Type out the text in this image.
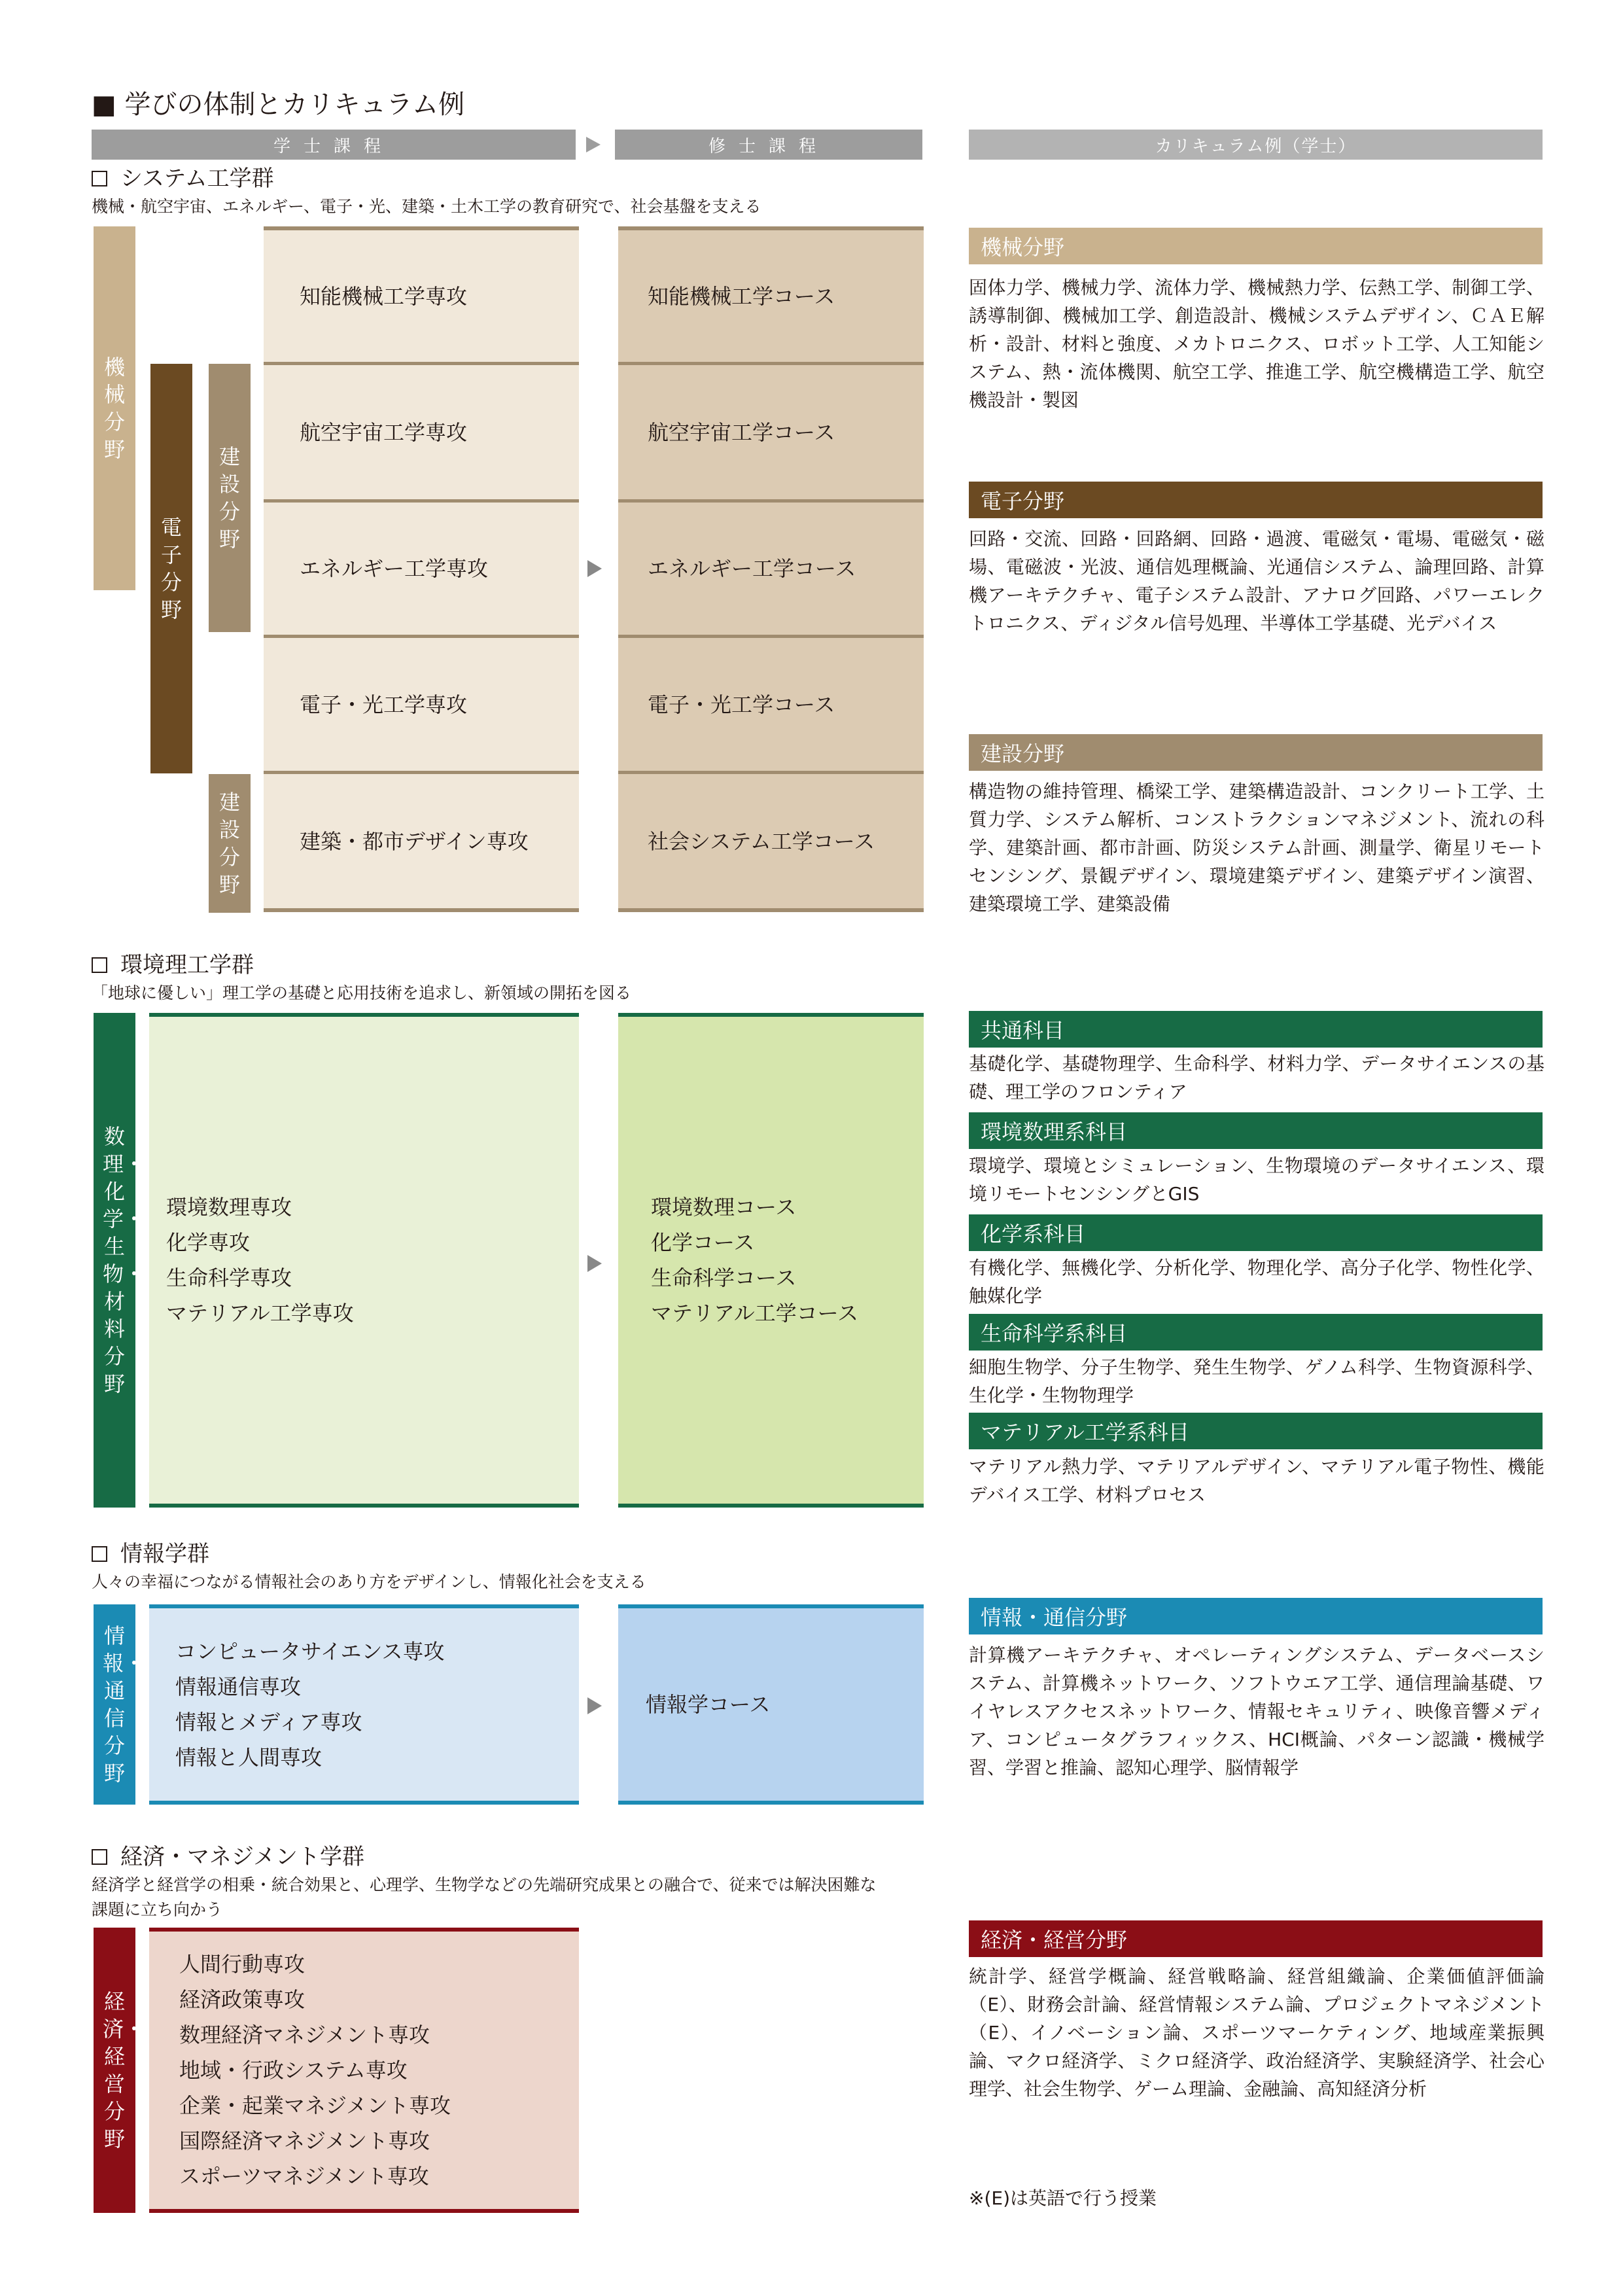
■ 学びの体制とカリキュラム例
学士課程	修士課程	カリキュラム例（学士）
システム工学群
機械・航空宇宙、エネルギー、電子・光、建築・土木工学の教育研究で、社会基盤を支える
機械分野
電子分野
建設分野
建設分野
知能機械工学専攻
航空宇宙工学専攻
エネルギー工学専攻
電子・光工学専攻
建築・都市デザイン専攻
知能機械工学コース
航空宇宙工学コース
エネルギー工学コース
電子・光工学コース
社会システム工学コース
環境理工学群
「地球に優しい」理工学の基礎と応用技術を追求し、新領域の開拓を図る
数理・化学・生物・材料分野
環境数理専攻
化学専攻
生命科学専攻
マテリアル工学専攻
環境数理コース
化学コース
生命科学コース
マテリアル工学コース
情報学群
人々の幸福につながる情報社会のあり方をデザインし、情報化社会を支える
情報・通信分野
コンピュータサイエンス専攻
情報通信専攻
情報とメディア専攻
情報と人間専攻
情報学コース
経済・マネジメント学群
経済学と経営学の相乗・統合効果と、心理学、生物学などの先端研究成果との融合で、従来では解決困難な
課題に立ち向かう
経済・経営分野
人間行動専攻
経済政策専攻
数理経済マネジメント専攻
地域・行政システム専攻
企業・起業マネジメント専攻
国際経済マネジメント専攻
スポーツマネジメント専攻
機械分野
固体力学、機械力学、流体力学、機械熱力学、伝熱工学、制御工学、誘導制御、機械加工学、創造設計、機械システムデザイン、ＣＡＥ解析・設計、材料と強度、メカトロニクス、ロボット工学、人工知能システム、熱・流体機関、航空工学、推進工学、航空機構造工学、航空機設計・製図
電子分野
回路・交流、回路・回路網、回路・過渡、電磁気・電場、電磁気・磁場、電磁波・光波、通信処理概論、光通信システム、論理回路、計算機アーキテクチャ、電子システム設計、アナログ回路、パワーエレクトロニクス、ディジタル信号処理、半導体工学基礎、光デバイス
建設分野
構造物の維持管理、橋梁工学、建築構造設計、コンクリート工学、土質力学、システム解析、コンストラクションマネジメント、流れの科学、建築計画、都市計画、防災システム計画、測量学、衛星リモートセンシング、景観デザイン、環境建築デザイン、建築デザイン演習、建築環境工学、建築設備
共通科目
基礎化学、基礎物理学、生命科学、材料力学、データサイエンスの基礎、理工学のフロンティア
環境数理系科目
環境学、環境とシミュレーション、生物環境のデータサイエンス、環境リモートセンシングとGIS
化学系科目
有機化学、無機化学、分析化学、物理化学、高分子化学、物性化学、触媒化学
生命科学系科目
細胞生物学、分子生物学、発生生物学、ゲノム科学、生物資源科学、生化学・生物物理学
マテリアル工学系科目
マテリアル熱力学、マテリアルデザイン、マテリアル電子物性、機能デバイス工学、材料プロセス
情報・通信分野
計算機アーキテクチャ、オペレーティングシステム、データベースシステム、計算機ネットワーク、ソフトウエア工学、通信理論基礎、ワイヤレスアクセスネットワーク、情報セキュリティ、映像音響メディア、コンピュータグラフィックス、HCI概論、パターン認識・機械学習、学習と推論、認知心理学、脳情報学
経済・経営分野
統計学、経営学概論、経営戦略論、経営組織論、企業価値評価論（E）、財務会計論、経営情報システム論、プロジェクトマネジメント（E）、イノベーション論、スポーツマーケティング、地域産業振興論、マクロ経済学、ミクロ経済学、政治経済学、実験経済学、社会心理学、社会生物学、ゲーム理論、金融論、高知経済分析
※(E)は英語で行う授業
